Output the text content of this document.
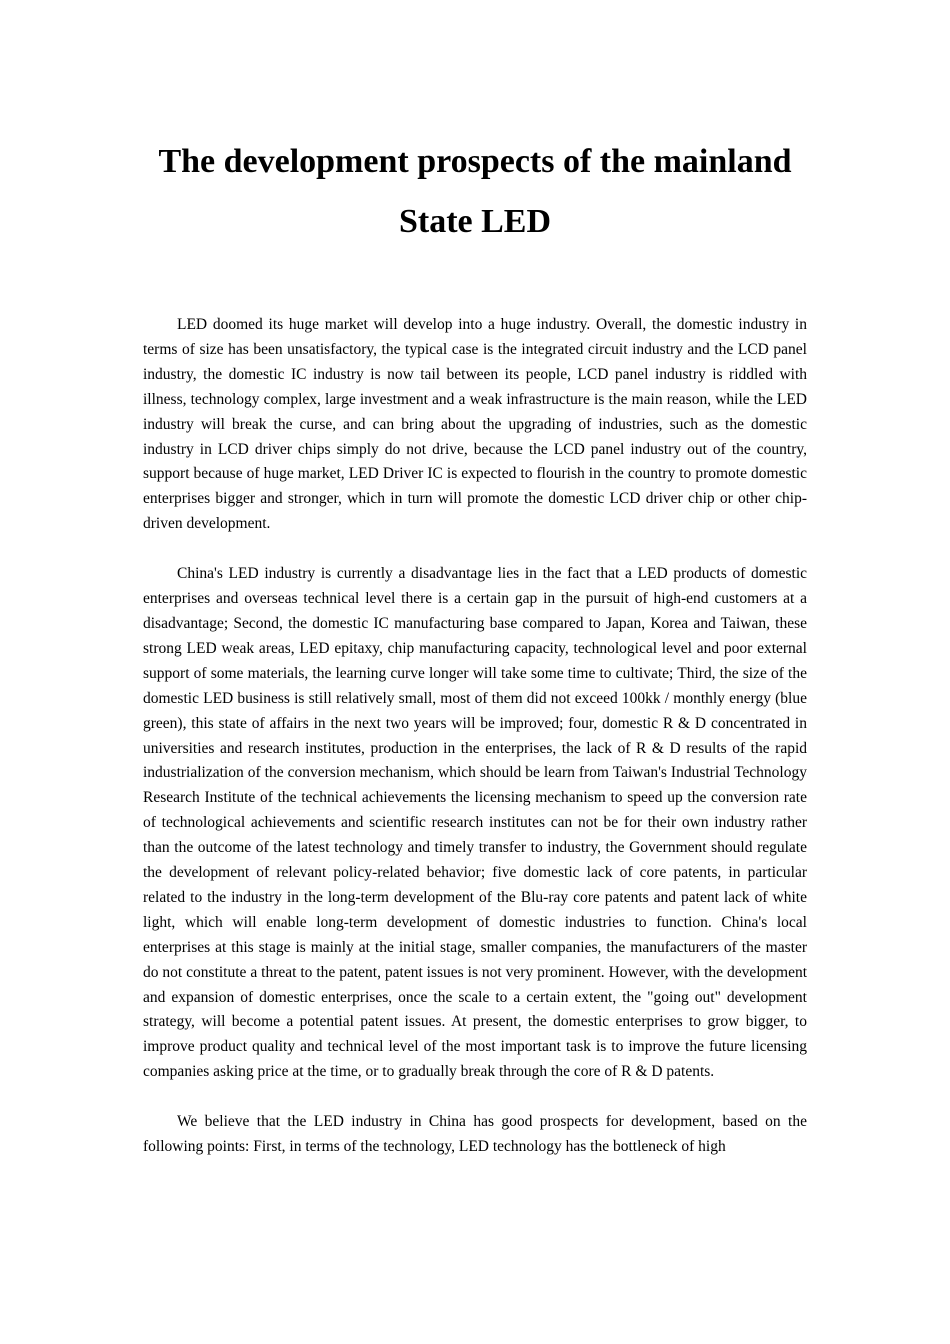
The development prospects of the mainland State LED

LED doomed its huge market will develop into a huge industry. Overall, the domestic industry in terms of size has been unsatisfactory, the typical case is the integrated circuit industry and the LCD panel industry, the domestic IC industry is now tail between its people, LCD panel industry is riddled with illness, technology complex, large investment and a weak infrastructure is the main reason, while the LED industry will break the curse, and can bring about the upgrading of industries, such as the domestic industry in LCD driver chips simply do not drive, because the LCD panel industry out of the country, support because of huge market, LED Driver IC is expected to flourish in the country to promote domestic enterprises bigger and stronger, which in turn will promote the domestic LCD driver chip or other chip-driven development.

China's LED industry is currently a disadvantage lies in the fact that a LED products of domestic enterprises and overseas technical level there is a certain gap in the pursuit of high-end customers at a disadvantage; Second, the domestic IC manufacturing base compared to Japan, Korea and Taiwan, these strong LED weak areas, LED epitaxy, chip manufacturing capacity, technological level and poor external support of some materials, the learning curve longer will take some time to cultivate; Third, the size of the domestic LED business is still relatively small, most of them did not exceed 100kk / monthly energy (blue green), this state of affairs in the next two years will be improved; four, domestic R & D concentrated in universities and research institutes, production in the enterprises, the lack of R & D results of the rapid industrialization of the conversion mechanism, which should be learn from Taiwan's Industrial Technology Research Institute of the technical achievements the licensing mechanism to speed up the conversion rate of technological achievements and scientific research institutes can not be for their own industry rather than the outcome of the latest technology and timely transfer to industry, the Government should regulate the development of relevant policy-related behavior; five domestic lack of core patents, in particular related to the industry in the long-term development of the Blu-ray core patents and patent lack of white light, which will enable long-term development of domestic industries to function. China's local enterprises at this stage is mainly at the initial stage, smaller companies, the manufacturers of the master do not constitute a threat to the patent, patent issues is not very prominent. However, with the development and expansion of domestic enterprises, once the scale to a certain extent, the "going out" development strategy, will become a potential patent issues. At present, the domestic enterprises to grow bigger, to improve product quality and technical level of the most important task is to improve the future licensing companies asking price at the time, or to gradually break through the core of R & D patents.

We believe that the LED industry in China has good prospects for development, based on the following points: First, in terms of the technology, LED technology has the bottleneck of high
